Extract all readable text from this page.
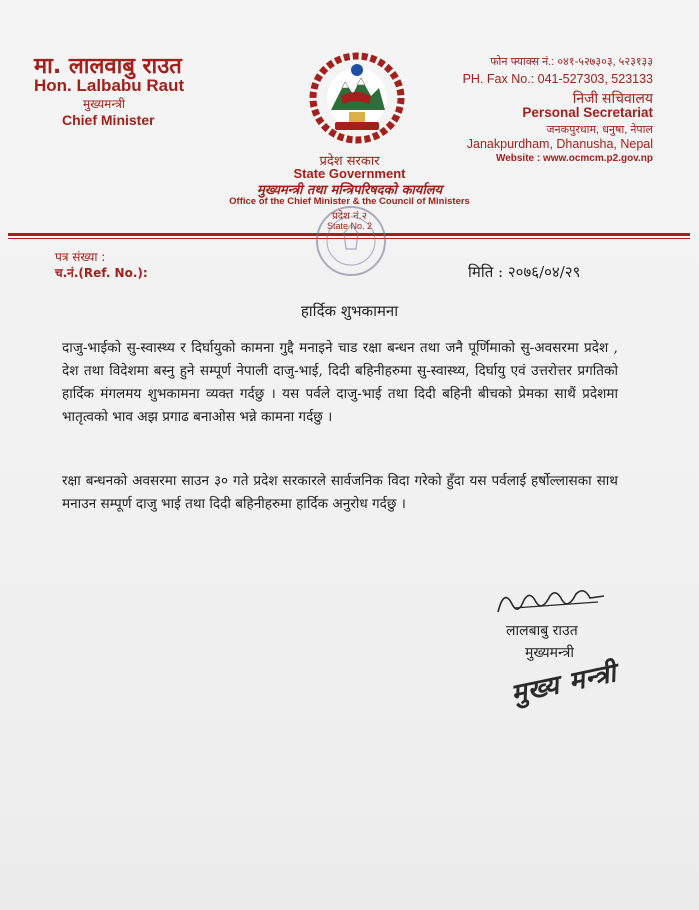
मा. लालवाबु राउत
Hon. Lalbabu Raut
मुख्यमन्त्री
Chief Minister
फोन फ्याक्स नं.: ०४१-५२७३०३, ५२३१३३
PH. Fax No.: 041-527303, 523133
निजी सचिवालय
Personal Secretariat
जनकपुरधाम, धनुषा, नेपाल
Janakpurdham, Dhanusha, Nepal
Website : www.ocmcm.p2.gov.np
प्रदेश सरकार
State Government
मुख्यमन्त्री तथा मन्त्रिपरिषदको कार्यालय
Office of the Chief Minister & the Council of Ministers
प्रदेश नं.२
State No. 2
पत्र संख्या :
च.नं.(Ref. No.):	मिति : २०७६/०४/२९
हार्दिक शुभकामना
दाजु-भाईको सु-स्वास्थ्य र दिर्घायुको कामना गुद्दै मनाइने चाड रक्षा बन्धन तथा जनै पूर्णिमाको सु-अवसरमा प्रदेश , देश तथा विदेशमा बस्नु हुने सम्पूर्ण नेपाली दाजु-भाई, दिदी बहिनीहरुमा सु-स्वास्थ्य, दिर्घायु एवं उत्तरोत्तर प्रगतिको हार्दिक मंगलमय शुभकामना व्यक्त गर्दछु । यस पर्वले दाजु-भाई तथा दिदी बहिनी बीचको प्रेमका साथैं प्रदेशमा भातृत्वको भाव अझ प्रगाढ बनाओस भन्ने कामना गर्दछु ।
रक्षा बन्धनको अवसरमा साउन ३० गते प्रदेश सरकारले सार्वजनिक विदा गरेको हुँदा यस पर्वलाई हर्षोल्लासका साथ मनाउन सम्पूर्ण दाजु भाई तथा दिदी बहिनीहरुमा हार्दिक अनुरोध गर्दछु ।
लालबाबु राउत
मुख्यमन्त्री
मुख्य मन्त्री
